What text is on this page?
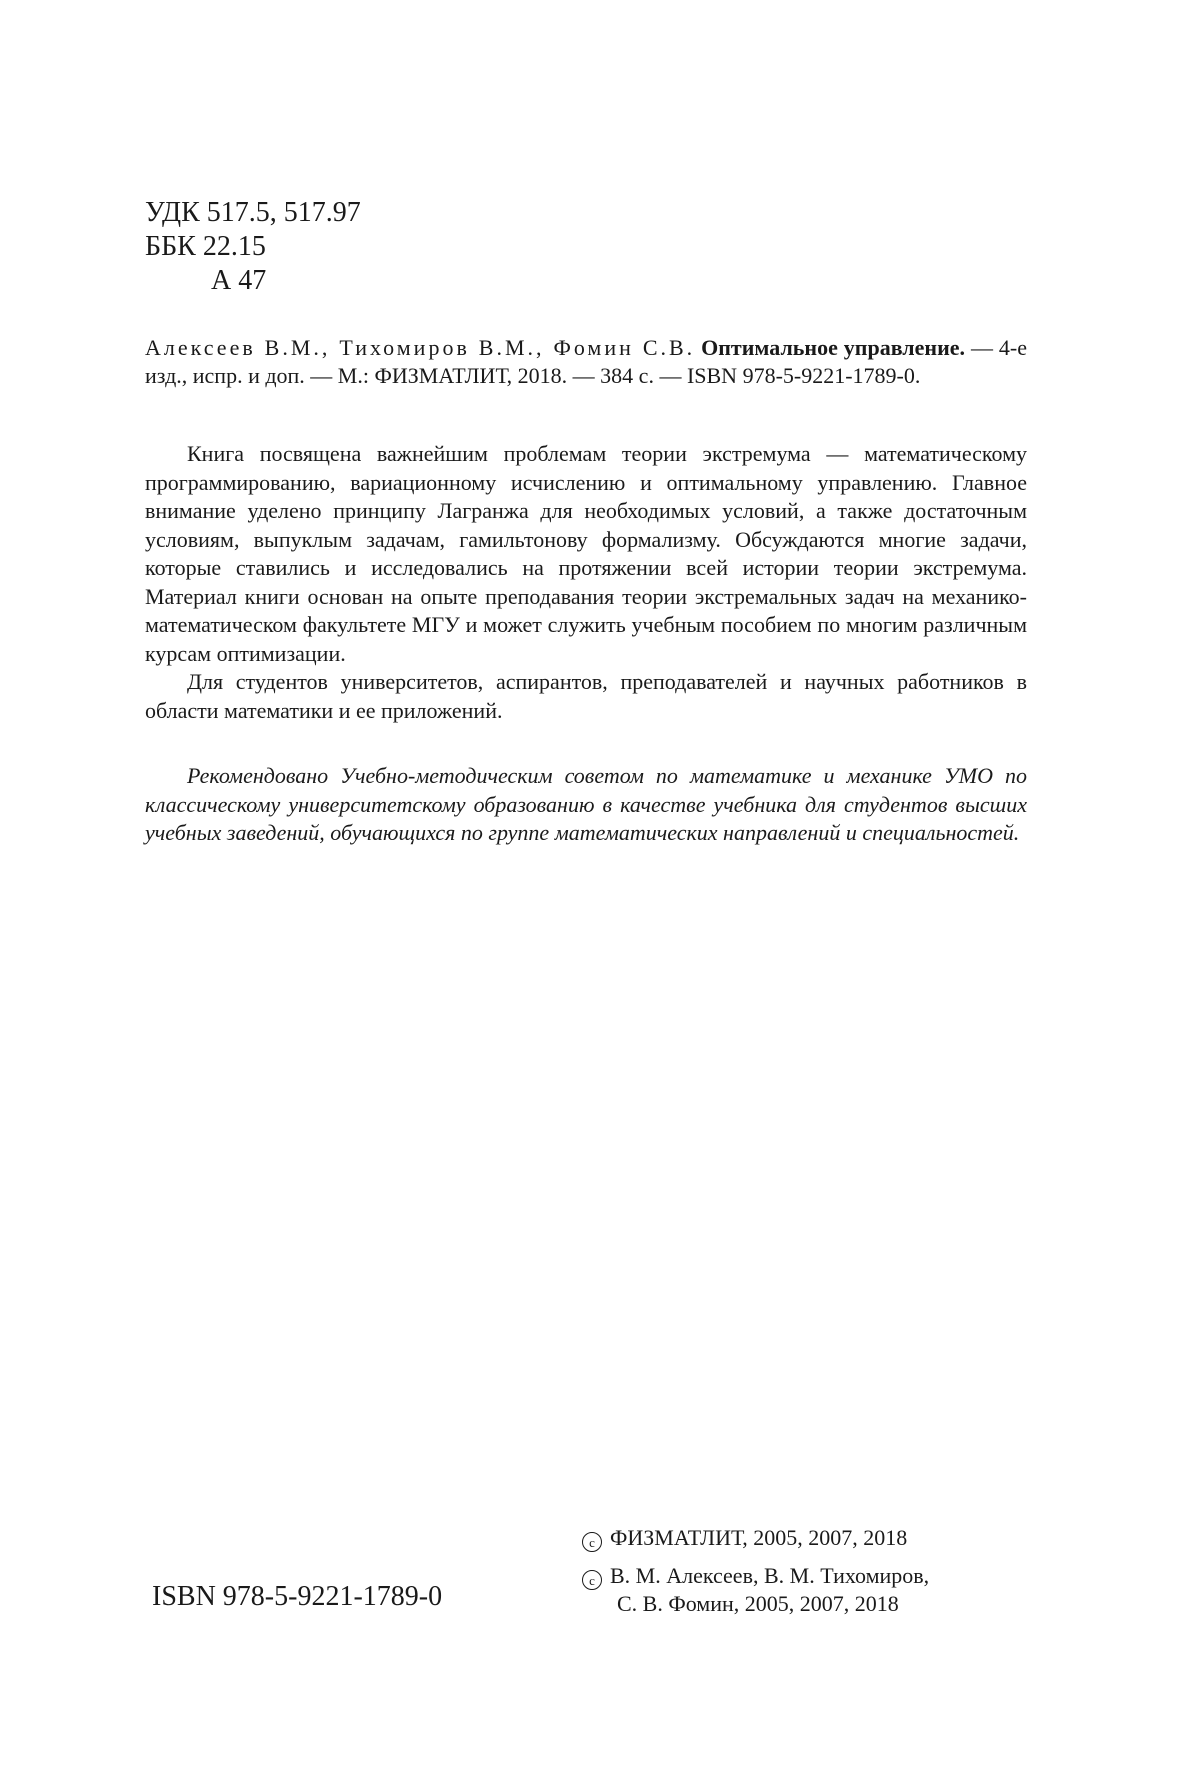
УДК 517.5, 517.97
ББК 22.15
А 47
Алексеев В.М., Тихомиров В.М., Фомин С.В. Оптимальное управление. — 4-е изд., испр. и доп. — М.: ФИЗМАТЛИТ, 2018. — 384 с. — ISBN 978-5-9221-1789-0.

Книга посвящена важнейшим проблемам теории экстремума — математическому программированию, вариационному исчислению и оптимальному управлению. Главное внимание уделено принципу Лагранжа для необходимых условий, а также достаточным условиям, выпуклым задачам, гамильтонову формализму. Обсуждаются многие задачи, которые ставились и исследовались на протяжении всей истории теории экстремума. Материал книги основан на опыте преподавания теории экстремальных задач на механико-математическом факультете МГУ и может служить учебным пособием по многим различным курсам оптимизации.

Для студентов университетов, аспирантов, преподавателей и научных работников в области математики и ее приложений.

Рекомендовано Учебно-методическим советом по математике и механике УМО по классическому университетскому образованию в качестве учебника для студентов высших учебных заведений, обучающихся по группе математических направлений и специальностей.

ISBN 978-5-9221-1789-0
c ФИЗМАТЛИТ, 2005, 2007, 2018
c В. М. Алексеев, В. М. Тихомиров,
С. В. Фомин, 2005, 2007, 2018
